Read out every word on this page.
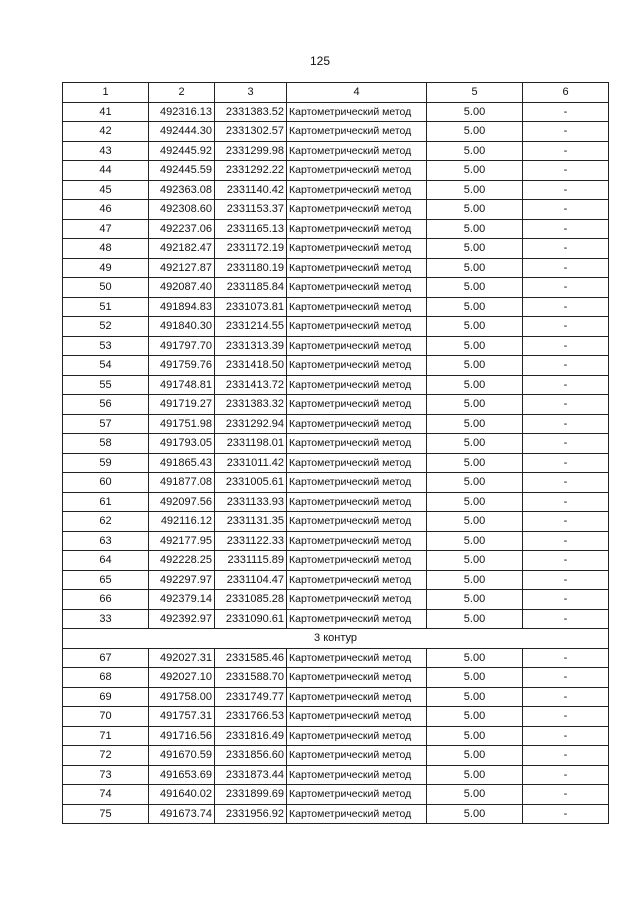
125
1	2	3	4	5	6
41	492316.13	2331383.52	Картометрический метод	5.00	-
42	492444.30	2331302.57	Картометрический метод	5.00	-
43	492445.92	2331299.98	Картометрический метод	5.00	-
44	492445.59	2331292.22	Картометрический метод	5.00	-
45	492363.08	2331140.42	Картометрический метод	5.00	-
46	492308.60	2331153.37	Картометрический метод	5.00	-
47	492237.06	2331165.13	Картометрический метод	5.00	-
48	492182.47	2331172.19	Картометрический метод	5.00	-
49	492127.87	2331180.19	Картометрический метод	5.00	-
50	492087.40	2331185.84	Картометрический метод	5.00	-
51	491894.83	2331073.81	Картометрический метод	5.00	-
52	491840.30	2331214.55	Картометрический метод	5.00	-
53	491797.70	2331313.39	Картометрический метод	5.00	-
54	491759.76	2331418.50	Картометрический метод	5.00	-
55	491748.81	2331413.72	Картометрический метод	5.00	-
56	491719.27	2331383.32	Картометрический метод	5.00	-
57	491751.98	2331292.94	Картометрический метод	5.00	-
58	491793.05	2331198.01	Картометрический метод	5.00	-
59	491865.43	2331011.42	Картометрический метод	5.00	-
60	491877.08	2331005.61	Картометрический метод	5.00	-
61	492097.56	2331133.93	Картометрический метод	5.00	-
62	492116.12	2331131.35	Картометрический метод	5.00	-
63	492177.95	2331122.33	Картометрический метод	5.00	-
64	492228.25	2331115.89	Картометрический метод	5.00	-
65	492297.97	2331104.47	Картометрический метод	5.00	-
66	492379.14	2331085.28	Картометрический метод	5.00	-
33	492392.97	2331090.61	Картометрический метод	5.00	-
3 контур					
67	492027.31	2331585.46	Картометрический метод	5.00	-
68	492027.10	2331588.70	Картометрический метод	5.00	-
69	491758.00	2331749.77	Картометрический метод	5.00	-
70	491757.31	2331766.53	Картометрический метод	5.00	-
71	491716.56	2331816.49	Картометрический метод	5.00	-
72	491670.59	2331856.60	Картометрический метод	5.00	-
73	491653.69	2331873.44	Картометрический метод	5.00	-
74	491640.02	2331899.69	Картометрический метод	5.00	-
75	491673.74	2331956.92	Картометрический метод	5.00	-
